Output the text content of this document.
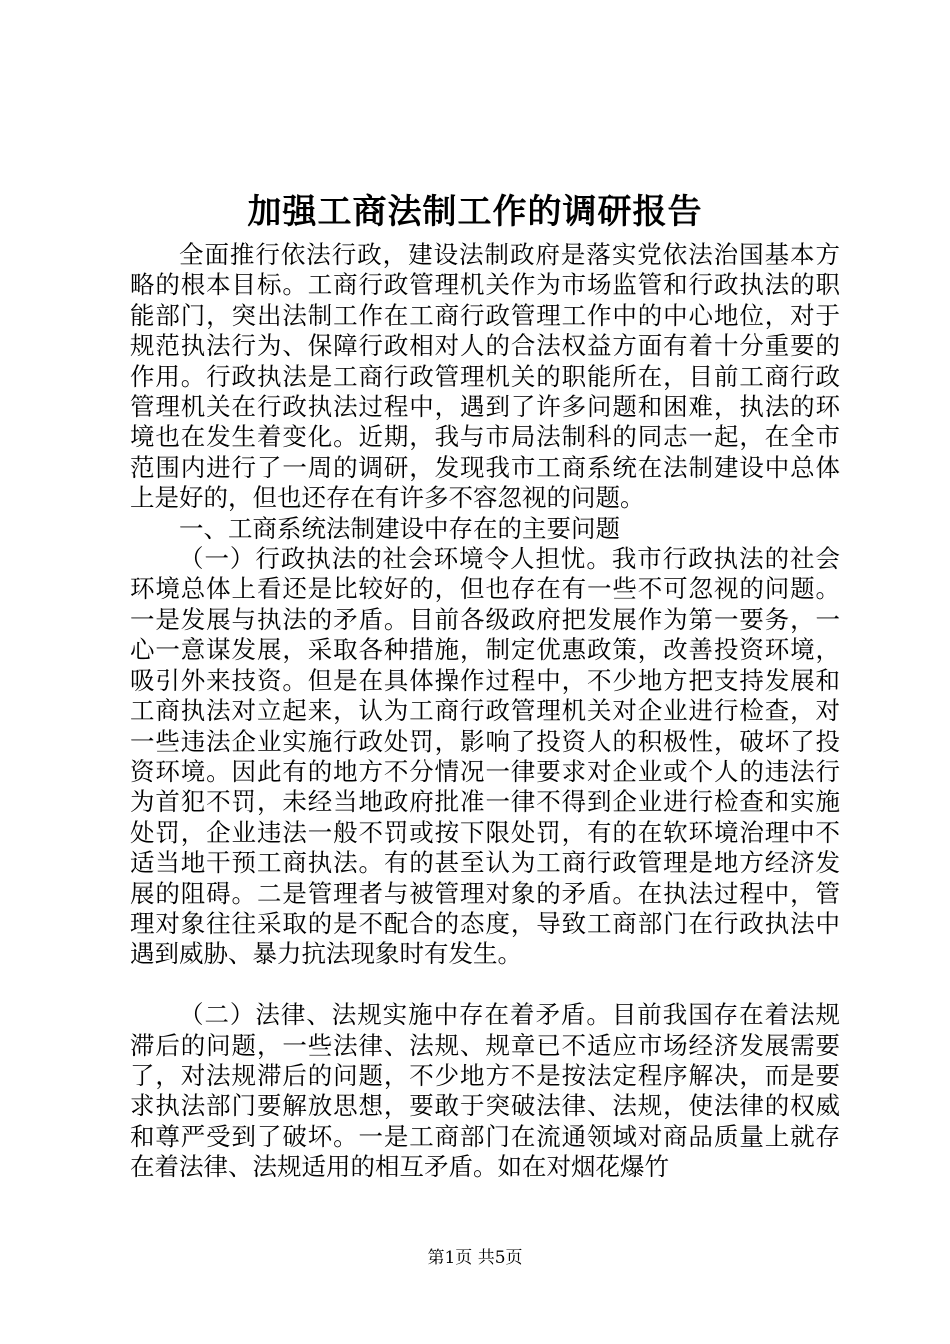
加强工商法制工作的调研报告

全面推行依法行政，建设法制政府是落实党依法治国基本方略的根本目标。工商行政管理机关作为市场监管和行政执法的职能部门，突出法制工作在工商行政管理工作中的中心地位，对于规范执法行为、保障行政相对人的合法权益方面有着十分重要的作用。行政执法是工商行政管理机关的职能所在，目前工商行政管理机关在行政执法过程中，遇到了许多问题和困难，执法的环境也在发生着变化。近期，我与市局法制科的同志一起，在全市范围内进行了一周的调研，发现我市工商系统在法制建设中总体上是好的，但也还存在有许多不容忽视的问题。

一、工商系统法制建设中存在的主要问题

（一）行政执法的社会环境令人担忧。我市行政执法的社会环境总体上看还是比较好的，但也存在有一些不可忽视的问题。一是发展与执法的矛盾。目前各级政府把发展作为第一要务，一心一意谋发展，采取各种措施，制定优惠政策，改善投资环境，吸引外来技资。但是在具体操作过程中，不少地方把支持发展和工商执法对立起来，认为工商行政管理机关对企业进行检查，对一些违法企业实施行政处罚，影响了投资人的积极性，破坏了投资环境。因此有的地方不分情况一律要求对企业或个人的违法行为首犯不罚，未经当地政府批准一律不得到企业进行检查和实施处罚，企业违法一般不罚或按下限处罚，有的在软环境治理中不适当地干预工商执法。有的甚至认为工商行政管理是地方经济发展的阻碍。二是管理者与被管理对象的矛盾。在执法过程中，管理对象往往采取的是不配合的态度，导致工商部门在行政执法中遇到威胁、暴力抗法现象时有发生。

（二）法律、法规实施中存在着矛盾。目前我国存在着法规滞后的问题，一些法律、法规、规章已不适应市场经济发展需要了，对法规滞后的问题，不少地方不是按法定程序解决，而是要求执法部门要解放思想，要敢于突破法律、法规，使法律的权威和尊严受到了破坏。一是工商部门在流通领域对商品质量上就存在着法律、法规适用的相互矛盾。如在对烟花爆竹

第1页 共5页
